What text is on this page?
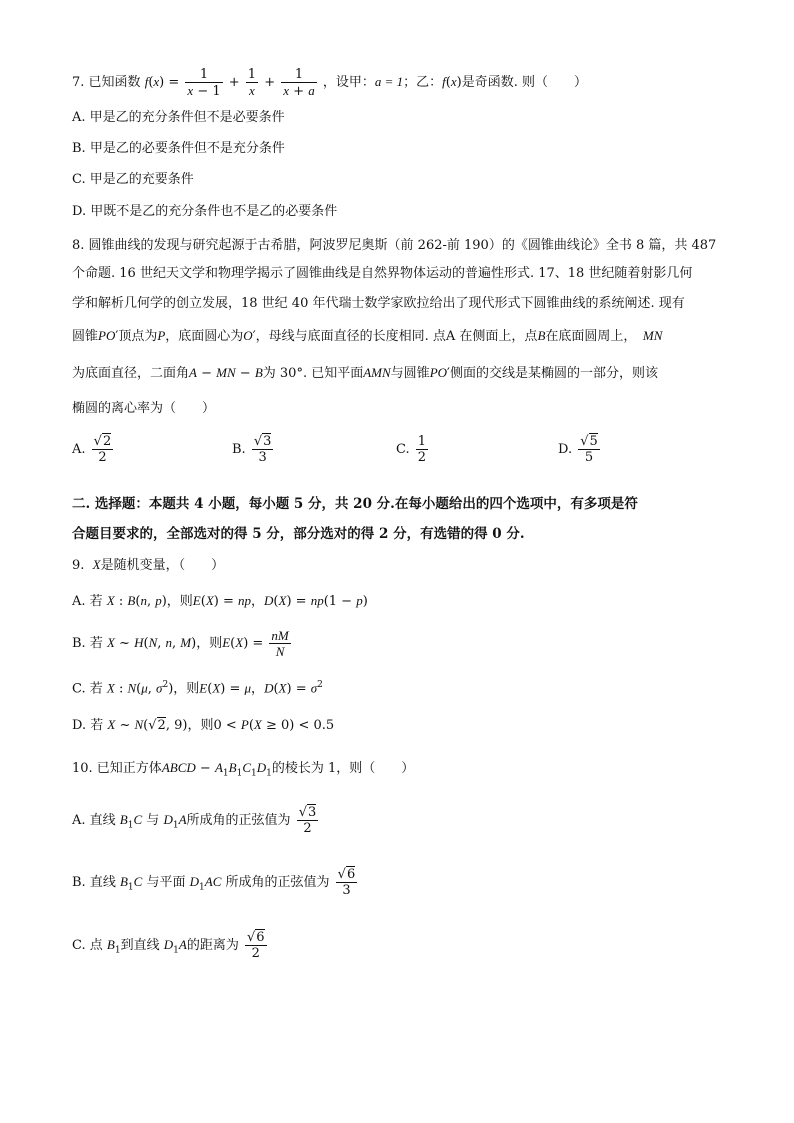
7. 已知函数 $f(x) = \frac{1}{x - 1} + \frac{1}{x} + \frac{1}{x + a}$ ，设甲：a = 1；乙：f(x)是奇函数. 则（　　）
A. 甲是乙的充分条件但不是必要条件
B. 甲是乙的必要条件但不是充分条件
C. 甲是乙的充要条件
D. 甲既不是乙的充分条件也不是乙的必要条件
8. 圆锥曲线的发现与研究起源于古希腊，阿波罗尼奥斯（前 262-前 190）的《圆锥曲线论》全书 8 篇，共 487
个命题. 16 世纪天文学和物理学揭示了圆锥曲线是自然界物体运动的普遍性形式. 17、18 世纪随着射影几何
学和解析几何学的创立发展，18 世纪 40 年代瑞士数学家欧拉给出了现代形式下圆锥曲线的系统阐述. 现有
圆锥PO′顶点为P，底面圆心为O′，母线与底面直径的长度相同. 点A 在侧面上，点B在底面圆周上，　 MN
为底面直径，二面角A − MN − B为 30°. 已知平面AMN与圆锥PO′侧面的交线是某椭圆的一部分，则该
椭圆的离心率为（　　）
A.
$\frac{√2}{2}$	B.
$\frac{√3}{3}$	C.
$\frac{1}{2}$	D.
$\frac{√5}{5}$
二. 选择题：本题共 4 小题，每小题 5 分，共 20 分.在每小题给出的四个选项中，有多项是符
合题目要求的，全部选对的得 5 分，部分选对的得 2 分，有选错的得 0 分.
9. X是随机变量，（　　）
A. 若 X : B(n, p)，则E(X) = np，D(X) = np(1 − p)
B. 若 X ~ H(N, n, M)，则$E(X) = \frac{nM}{N}$
C. 若 X : N(μ, $\sigma^2$)，则E(X) = μ，$D(X) = \sigma^2$
D. 若 X ~ N(√2, 9)，则0 < P(X ≥ 0) < 0.5
10. 已知正方体ABCD − $A_1B_1C_1D_1$的棱长为 1，则（　　）
A. 直线 $B_1C$ 与 $D_1A$所成角的正弦值为 $\frac{√3}{2}$
B. 直线 $B_1C$ 与平面 $D_1AC$ 所成角的正弦值为 $\frac{√6}{3}$
C. 点 $B_1$到直线 $D_1A$的距离为 $\frac{√6}{2}$
